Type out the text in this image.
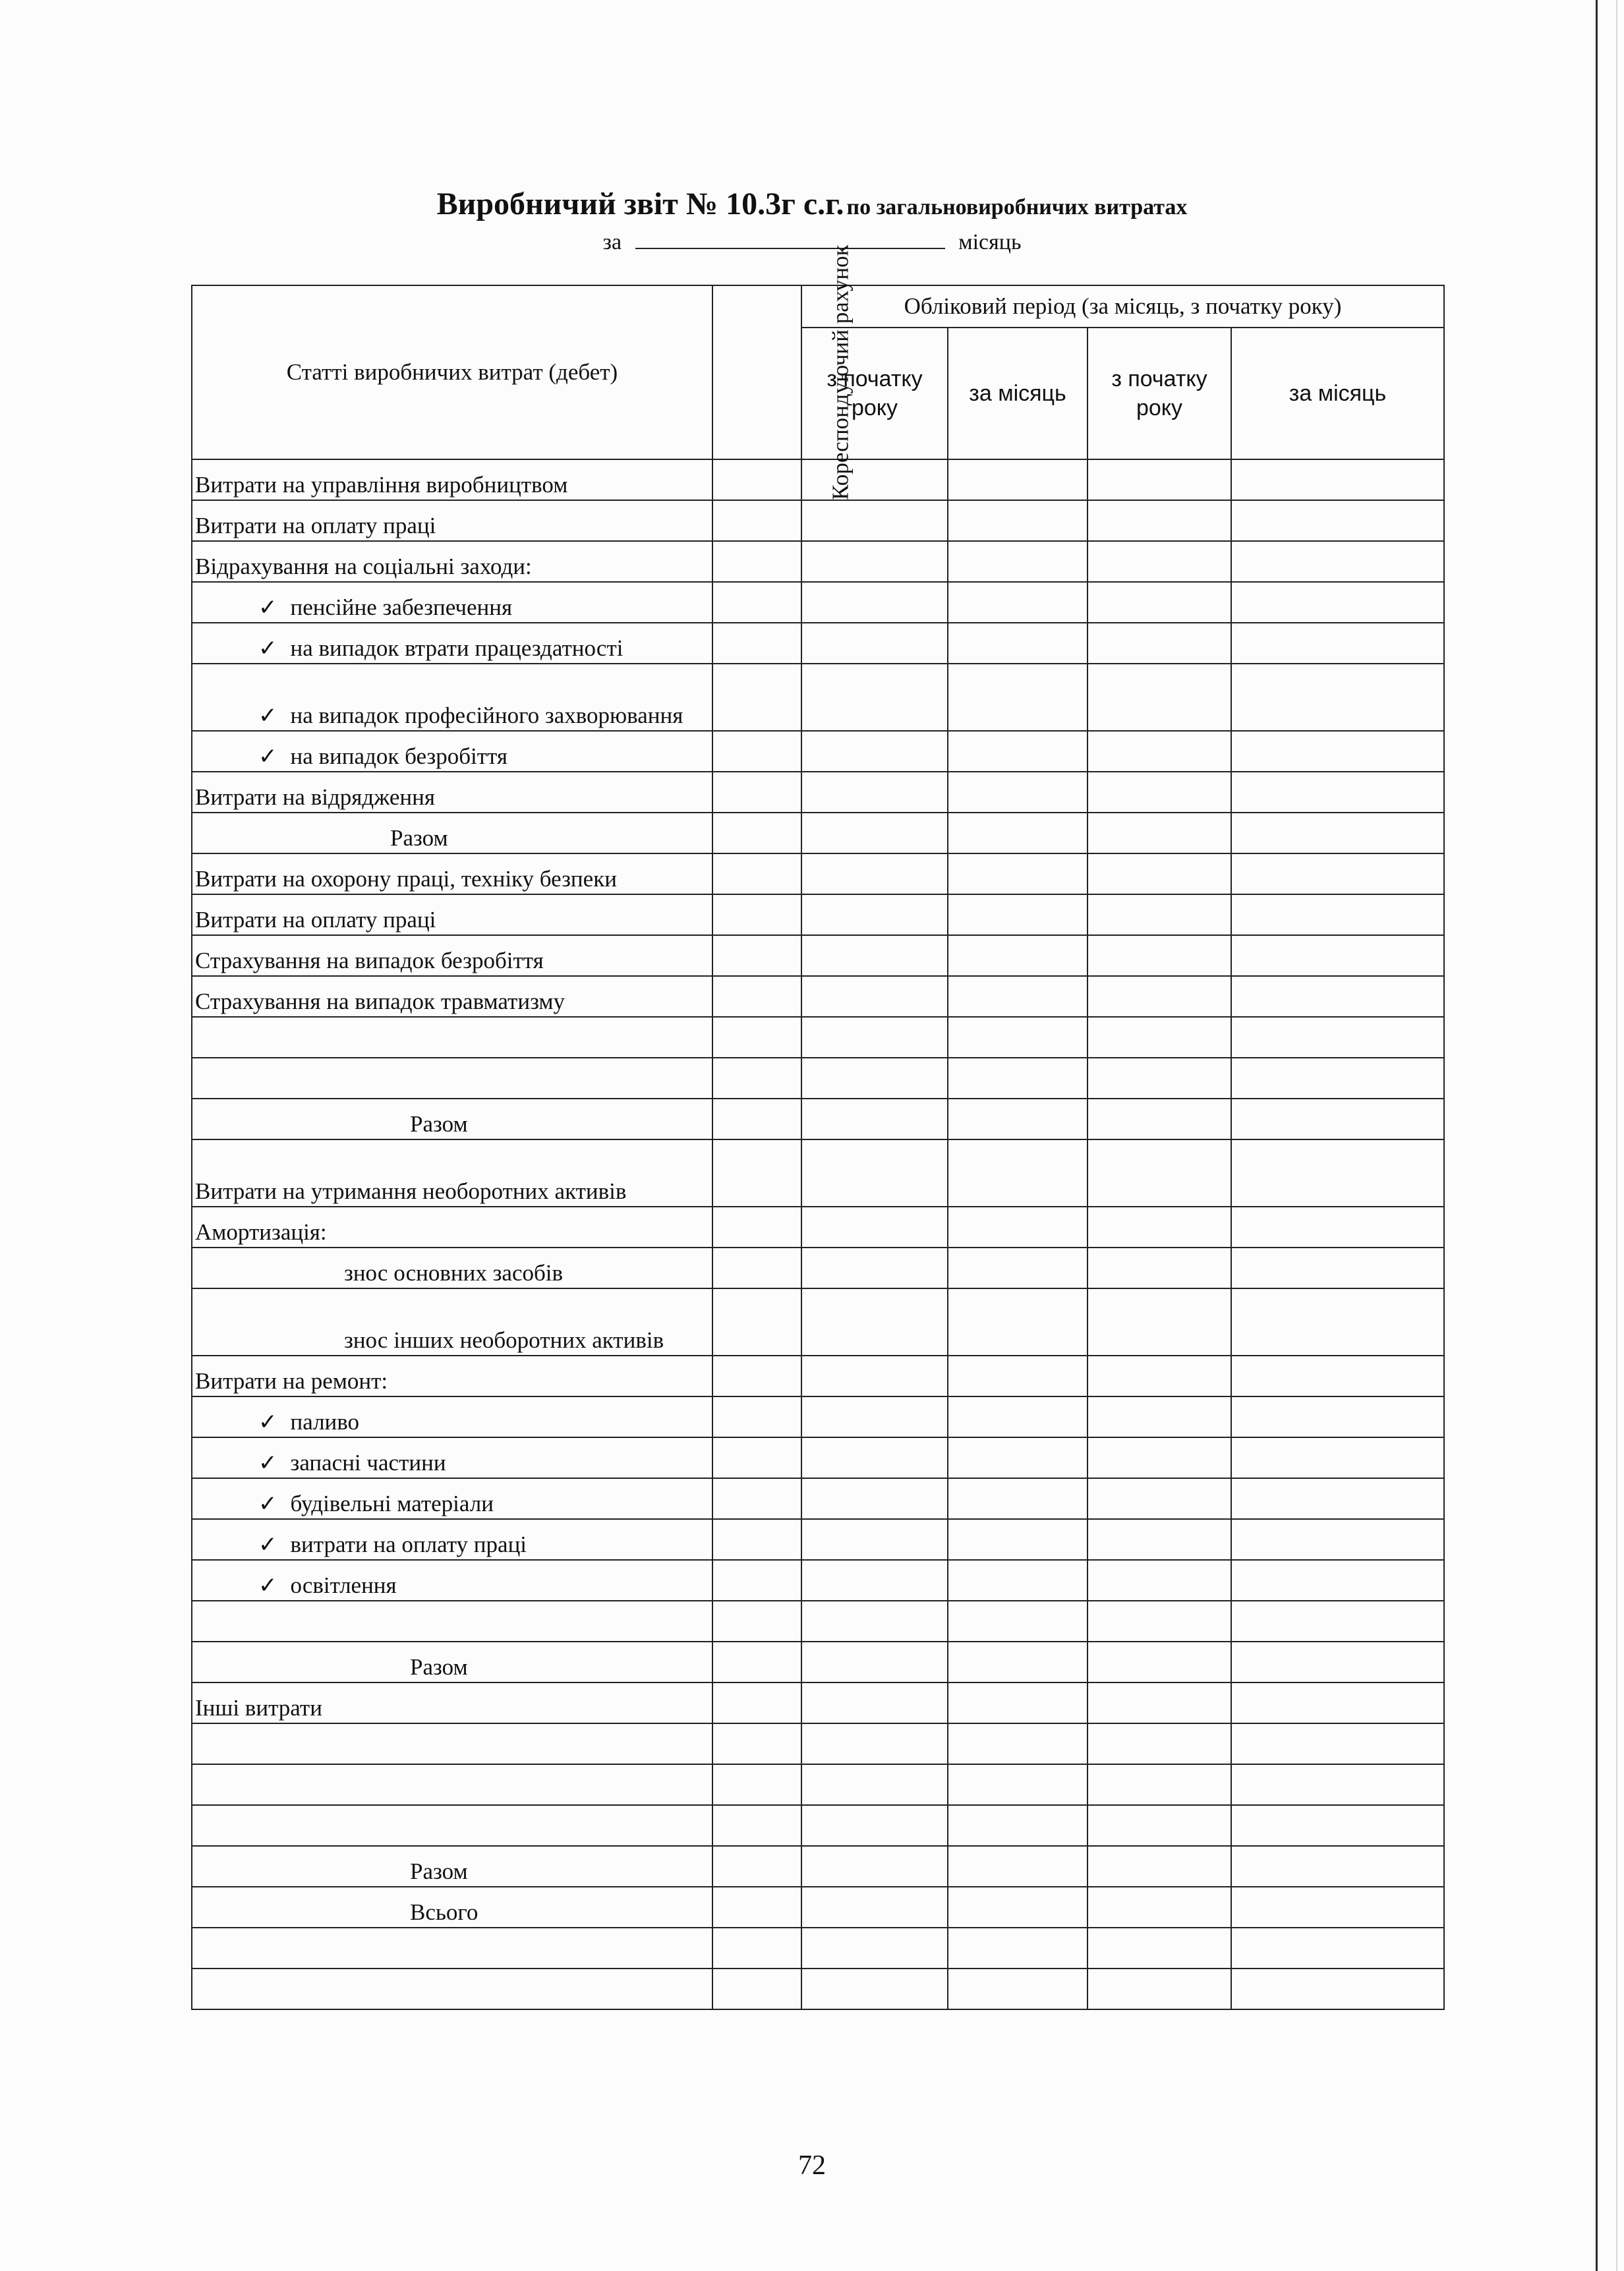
Виробничий звіт № 10.3г с.г. по загальновиробничих витратах
за	місяць
Статті виробничих витрат (дебет)	Кореспондуючий рахунок	Обліковий період (за місяць, з початку року)			
		з початку року	за місяць	з початку року	за місяць
Витрати на управління виробництвом					
Витрати на оплату праці					
Відрахування на соціальні заходи:					
✓ пенсійне забезпечення					
✓ на випадок втрати працездатності					
✓ на випадок професійного захворювання					
✓ на випадок безробіття					
Витрати на відрядження					
Разом					
Витрати на охорону праці, техніку безпеки					
Витрати на оплату праці					
Страхування на випадок безробіття					
Страхування на випадок травматизму					

Разом					
Витрати на утримання необоротних активів					
Амортизація:					
знос основних засобів					
знос інших необоротних активів					
Витрати на ремонт:					
✓ паливо					
✓ запасні частини					
✓ будівельні матеріали					
✓ витрати на оплату праці					
✓ освітлення					

Разом					
Інші витрати					

Разом					
Всього					

72
